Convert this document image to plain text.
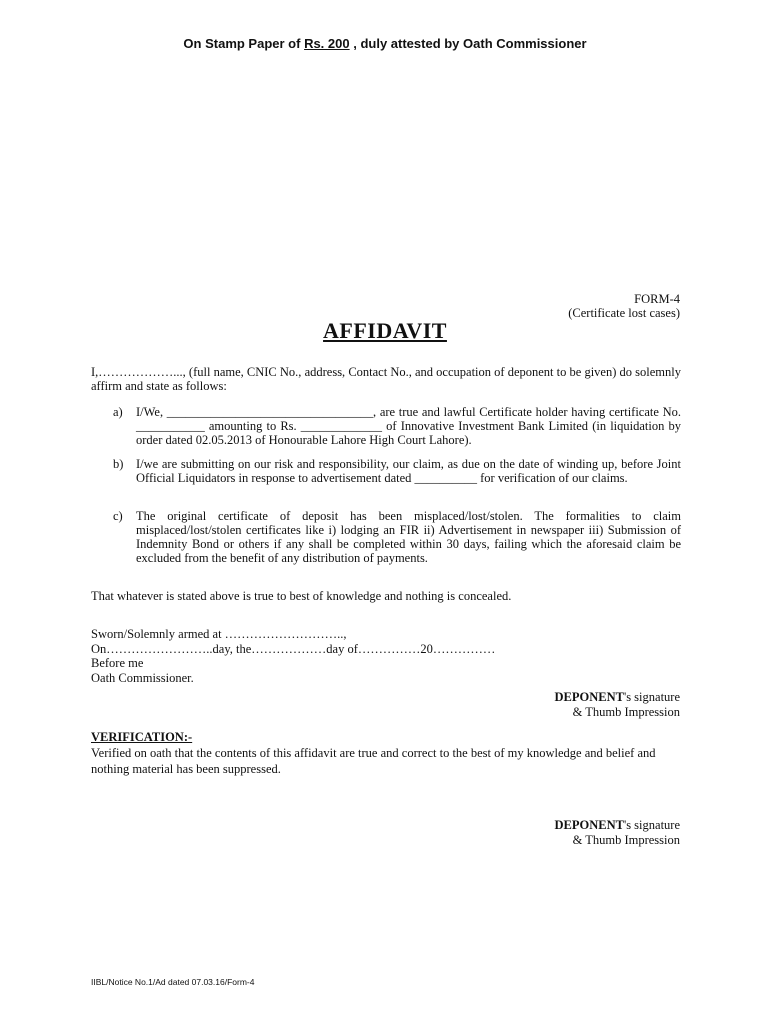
On Stamp Paper of Rs. 200 , duly attested by Oath Commissioner
FORM-4
(Certificate lost cases)
AFFIDAVIT
I,………………..., (full name, CNIC No., address, Contact No., and occupation of deponent to be given) do solemnly affirm and state as follows:
a) I/We, _________________________________, are true and lawful Certificate holder having certificate No. ___________ amounting to Rs. _____________ of Innovative Investment Bank Limited (in liquidation by order dated 02.05.2013 of Honourable Lahore High Court Lahore).
b) I/we are submitting on our risk and responsibility, our claim, as due on the date of winding up, before Joint Official Liquidators in response to advertisement dated __________ for verification of our claims.
c) The original certificate of deposit has been misplaced/lost/stolen. The formalities to claim misplaced/lost/stolen certificates like i) lodging an FIR ii) Advertisement in newspaper iii) Submission of Indemnity Bond or others if any shall be completed within 30 days, failing which the aforesaid claim be excluded from the benefit of any distribution of payments.
That whatever is stated above is true to best of knowledge and nothing is concealed.
Sworn/Solemnly armed at ………………………..,
On……………………..day, the………………day of……………20……………
Before me
Oath Commissioner.
DEPONENT's signature
& Thumb Impression
VERIFICATION:-
Verified on oath that the contents of this affidavit are true and correct to the best of my knowledge and belief and nothing material has been suppressed.
DEPONENT's signature
& Thumb Impression
IIBL/Notice No.1/Ad dated 07.03.16/Form-4
